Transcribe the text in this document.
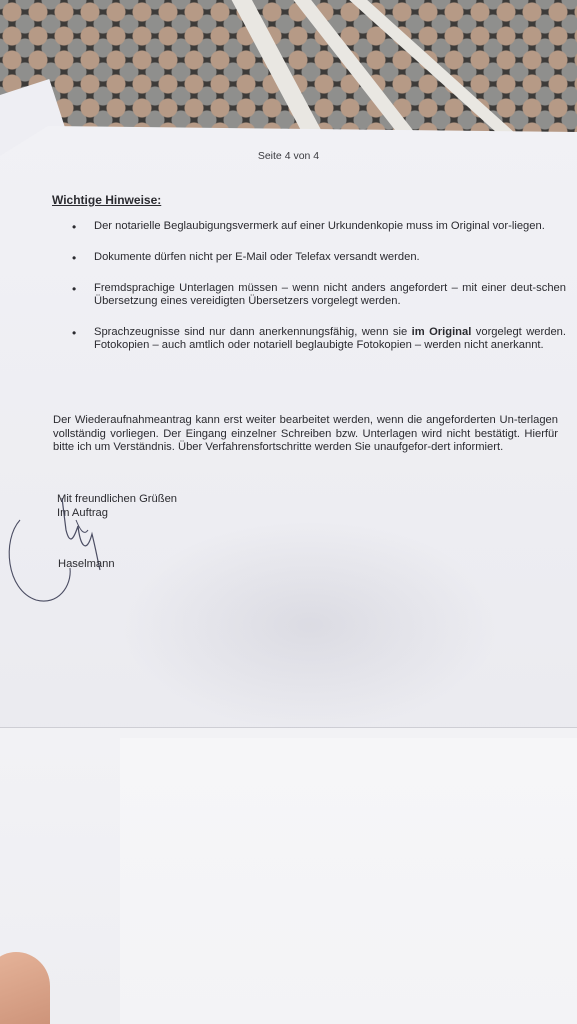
Seite 4 von 4
Wichtige Hinweise:
• Der notarielle Beglaubigungsvermerk auf einer Urkundenkopie muss im Original vor-liegen.
• Dokumente dürfen nicht per E-Mail oder Telefax versandt werden.
• Fremdsprachige Unterlagen müssen – wenn nicht anders angefordert – mit einer deut-schen Übersetzung eines vereidigten Übersetzers vorgelegt werden.
• Sprachzeugnisse sind nur dann anerkennungsfähig, wenn sie im Original vorgelegt werden. Fotokopien – auch amtlich oder notariell beglaubigte Fotokopien – werden nicht anerkannt.
Der Wiederaufnahmeantrag kann erst weiter bearbeitet werden, wenn die angeforderten Un-terlagen vollständig vorliegen. Der Eingang einzelner Schreiben bzw. Unterlagen wird nicht bestätigt. Hierfür bitte ich um Verständnis. Über Verfahrensfortschritte werden Sie unaufgefor-dert informiert.
Mit freundlichen Grüßen
Im Auftrag
Haselmann
